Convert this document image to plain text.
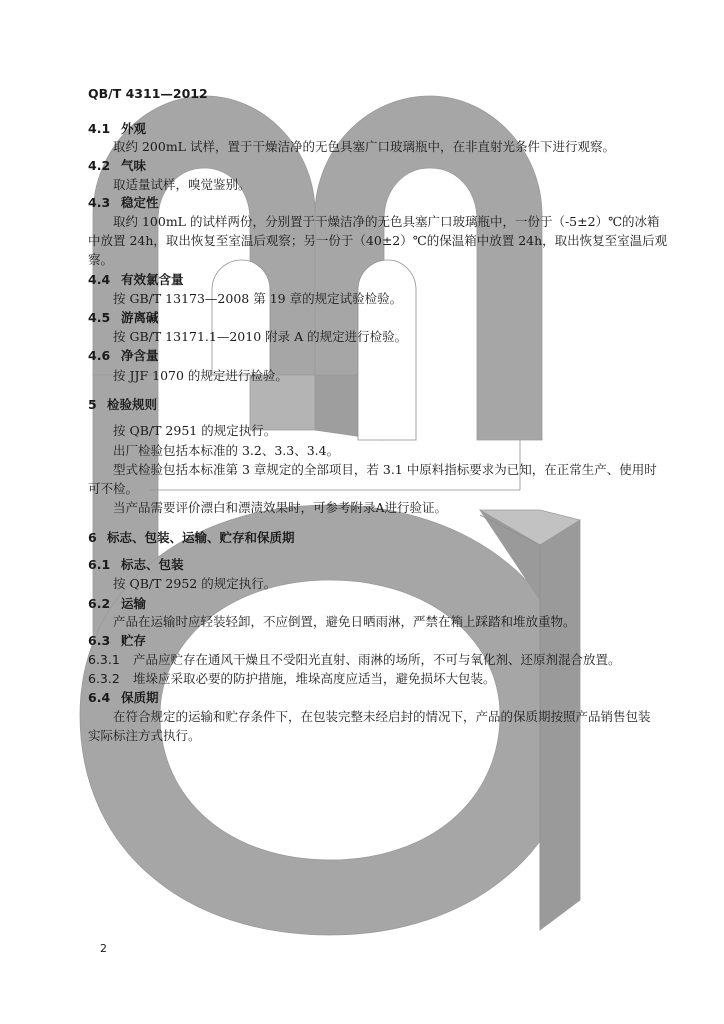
QB/T 4311—2012
4.1 外观
取约 200mL 试样，置于干燥洁净的无色具塞广口玻璃瓶中，在非直射光条件下进行观察。
4.2 气味
取适量试样，嗅觉鉴别。
4.3 稳定性
取约 100mL 的试样两份，分别置于干燥洁净的无色具塞广口玻璃瓶中，一份于（-5±2）℃的冰箱
中放置 24h，取出恢复至室温后观察；另一份于（40±2）℃的保温箱中放置 24h，取出恢复至室温后观
察。
4.4 有效氯含量
按 GB/T 13173—2008 第 19 章的规定试验检验。
4.5 游离碱
按 GB/T 13171.1—2010 附录 A 的规定进行检验。
4.6 净含量
按 JJF 1070 的规定进行检验。
5 检验规则
按 QB/T 2951 的规定执行。
出厂检验包括本标准的 3.2、3.3、3.4。
型式检验包括本标准第 3 章规定的全部项目，若 3.1 中原料指标要求为已知，在正常生产、使用时
可不检。
当产品需要评价漂白和漂渍效果时，可参考附录A进行验证。
6 标志、包装、运输、贮存和保质期
6.1 标志、包装
按 QB/T 2952 的规定执行。
6.2 运输
产品在运输时应轻装轻卸，不应倒置，避免日晒雨淋，严禁在箱上踩踏和堆放重物。
6.3 贮存
6.3.1 产品应贮存在通风干燥且不受阳光直射、雨淋的场所，不可与氧化剂、还原剂混合放置。
6.3.2 堆垛应采取必要的防护措施，堆垛高度应适当，避免损坏大包装。
6.4 保质期
在符合规定的运输和贮存条件下，在包装完整未经启封的情况下，产品的保质期按照产品销售包装
实际标注方式执行。
2
